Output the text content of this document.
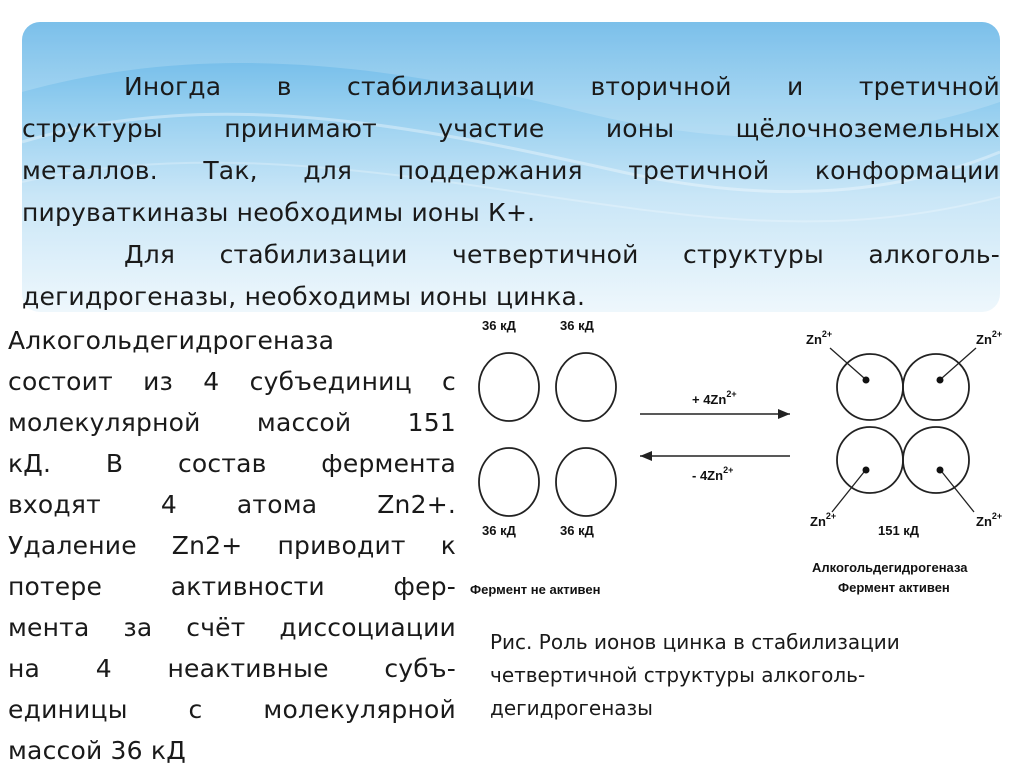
Иногда в стабилизации вторичной и третичной
структуры принимают участие ионы щёлочноземельных
металлов. Так, для поддержания третичной конформации
пируваткиназы необходимы ионы К+.
Для стабилизации четвертичной структуры алкоголь-
дегидрогеназы, необходимы ионы цинка.
Алкогольдегидрогеназа
состоит из 4 субъединиц с
молекулярной массой 151
кД. В состав фермента
входят 4 атома Zn2+.
Удаление Zn2+ приводит к
потере активности фер-
мента за счёт диссоциации
на 4 неактивные субъ-
единицы с молекулярной
массой 36 кД
36 кД	36 кД
36 кД	36 кД
Фермент не активен
+ $4Zn^{2+}$
- $4Zn^{2+}$
$Zn^{2+}$	$Zn^{2+}$
$Zn^{2+}$	$Zn^{2+}$
151 кД
Алкогольдегидрогеназа
Фермент активен
Рис. Роль ионов цинка в стабилизации
четвертичной структуры алкоголь-
дегидрогеназы
